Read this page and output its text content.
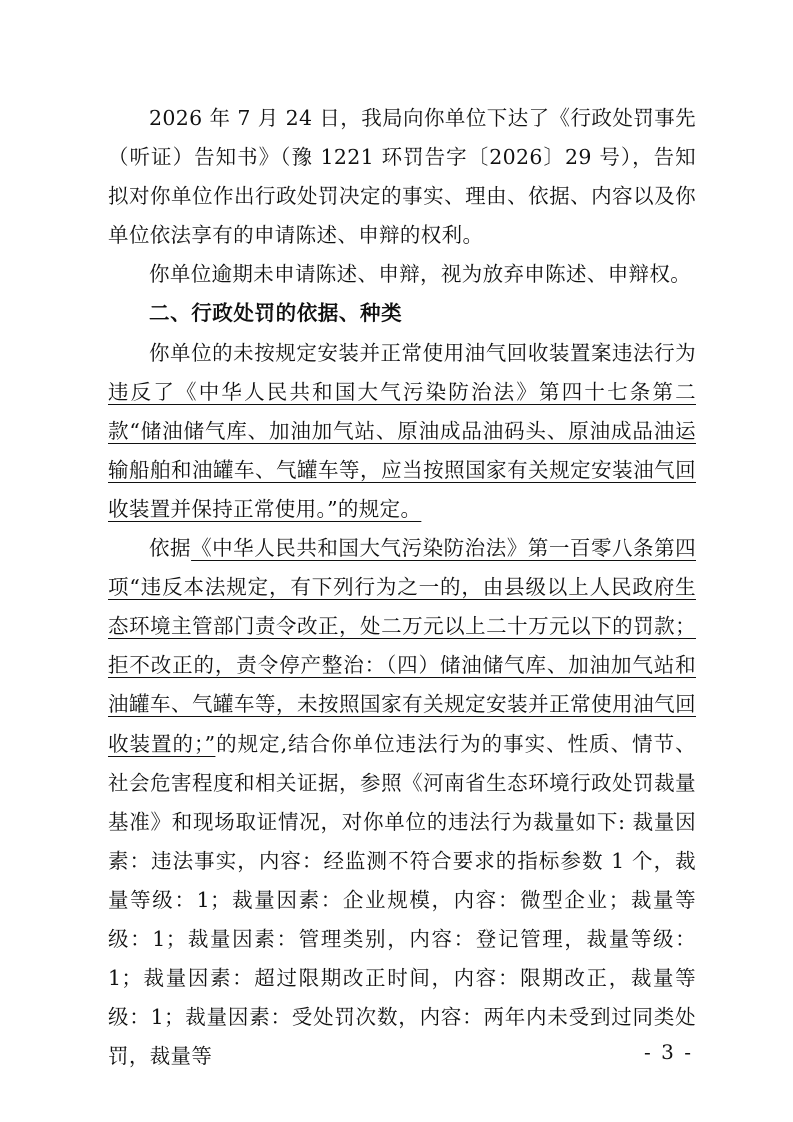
2026 年 7 月 24 日，我局向你单位下达了《行政处罚事先（听证）告知书》（豫 1221 环罚告字〔2026〕29 号），告知拟对你单位作出行政处罚决定的事实、理由、依据、内容以及你单位依法享有的申请陈述、申辩的权利。

你单位逾期未申请陈述、申辩，视为放弃申陈述、申辩权。

二、行政处罚的依据、种类

你单位的未按规定安装并正常使用油气回收装置案违法行为违反了《中华人民共和国大气污染防治法》第四十七条第二款“储油储气库、加油加气站、原油成品油码头、原油成品油运输船舶和油罐车、气罐车等，应当按照国家有关规定安装油气回收装置并保持正常使用。”的规定。

依据《中华人民共和国大气污染防治法》第一百零八条第四项“违反本法规定，有下列行为之一的，由县级以上人民政府生态环境主管部门责令改正，处二万元以上二十万元以下的罚款；拒不改正的，责令停产整治：（四）储油储气库、加油加气站和油罐车、气罐车等，未按照国家有关规定安装并正常使用油气回收装置的；”的规定,结合你单位违法行为的事实、性质、情节、社会危害程度和相关证据，参照《河南省生态环境行政处罚裁量基准》和现场取证情况，对你单位的违法行为裁量如下: 裁量因素：违法事实，内容：经监测不符合要求的指标参数 1 个，裁量等级：1；裁量因素：企业规模，内容：微型企业；裁量等级：1；裁量因素：管理类别，内容：登记管理，裁量等级：1；裁量因素：超过限期改正时间，内容：限期改正，裁量等级：1；裁量因素：受处罚次数，内容：两年内未受到过同类处罚，裁量等	- 3 -
